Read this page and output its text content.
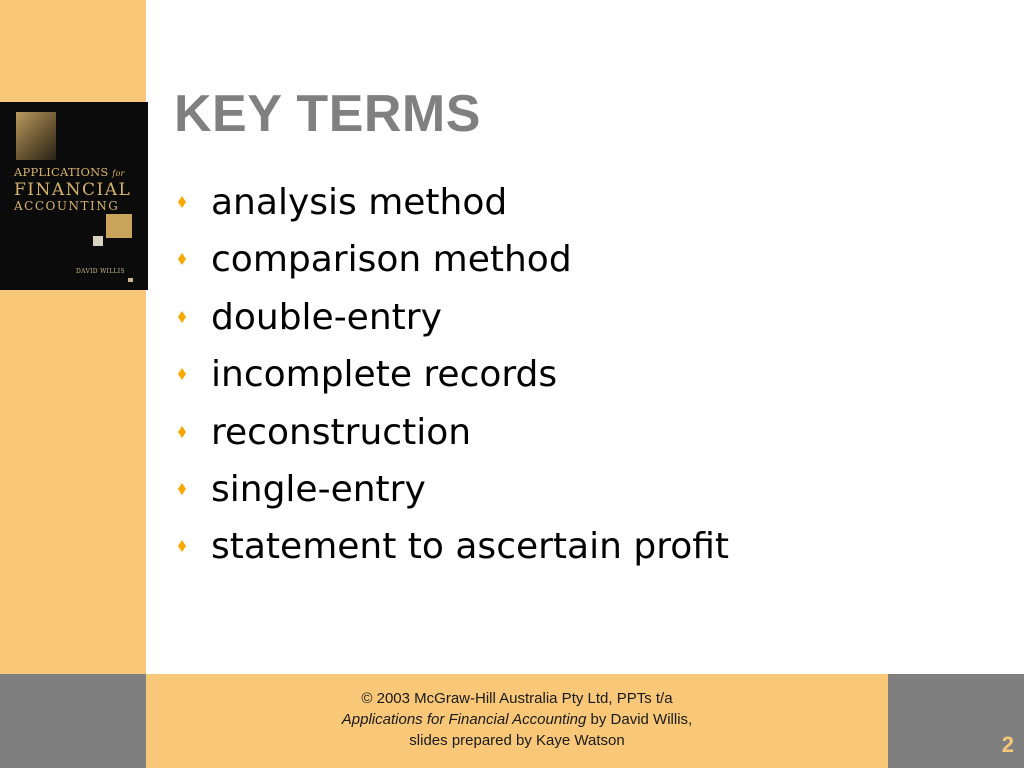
APPLICATIONS for
FINANCIAL
ACCOUNTING
DAVID WILLIS
KEY TERMS
analysis method
comparison method
double-entry
incomplete records
reconstruction
single-entry
statement to ascertain profit
© 2003 McGraw-Hill Australia Pty Ltd, PPTs t/a
Applications for Financial Accounting by David Willis,
slides prepared by Kaye Watson	2
